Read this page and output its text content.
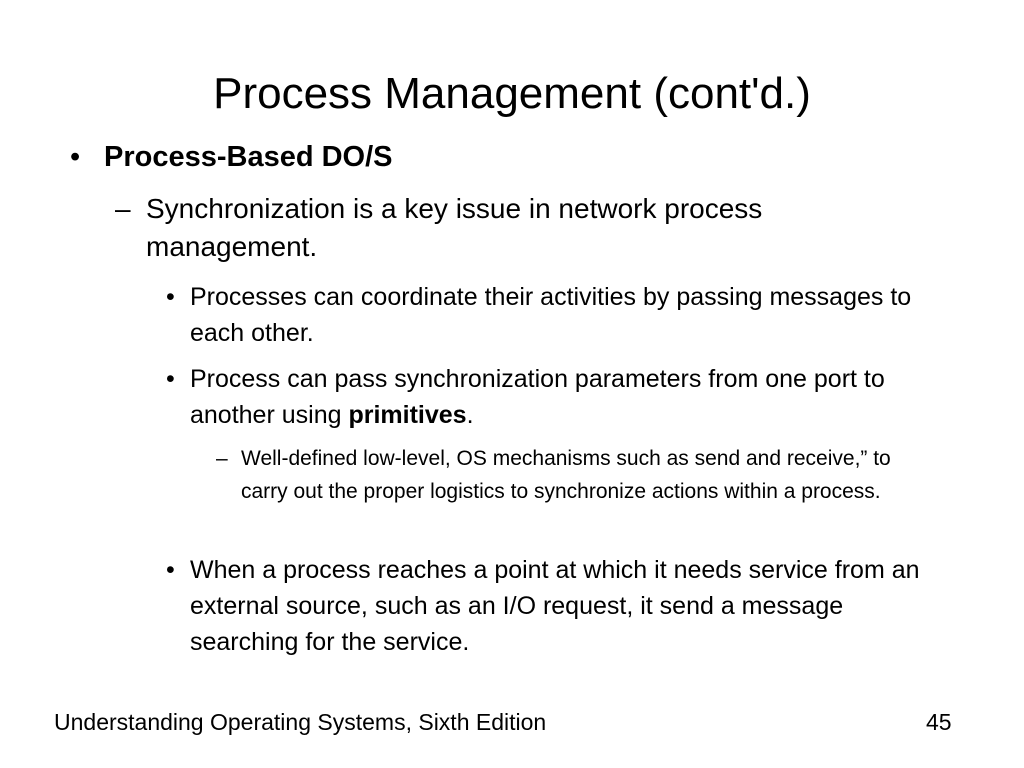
Process Management (cont'd.)
• Process-Based DO/S
– Synchronization is a key issue in network process management.
• Processes can coordinate their activities by passing messages to each other.
• Process can pass synchronization parameters from one port to another using primitives.
– Well-defined low-level, OS mechanisms such as send and receive,” to carry out the proper logistics to synchronize actions within a process.
• When a process reaches a point at which it needs service from an external source, such as an I/O request, it send a message searching for the service.
Understanding Operating Systems, Sixth Edition	45
